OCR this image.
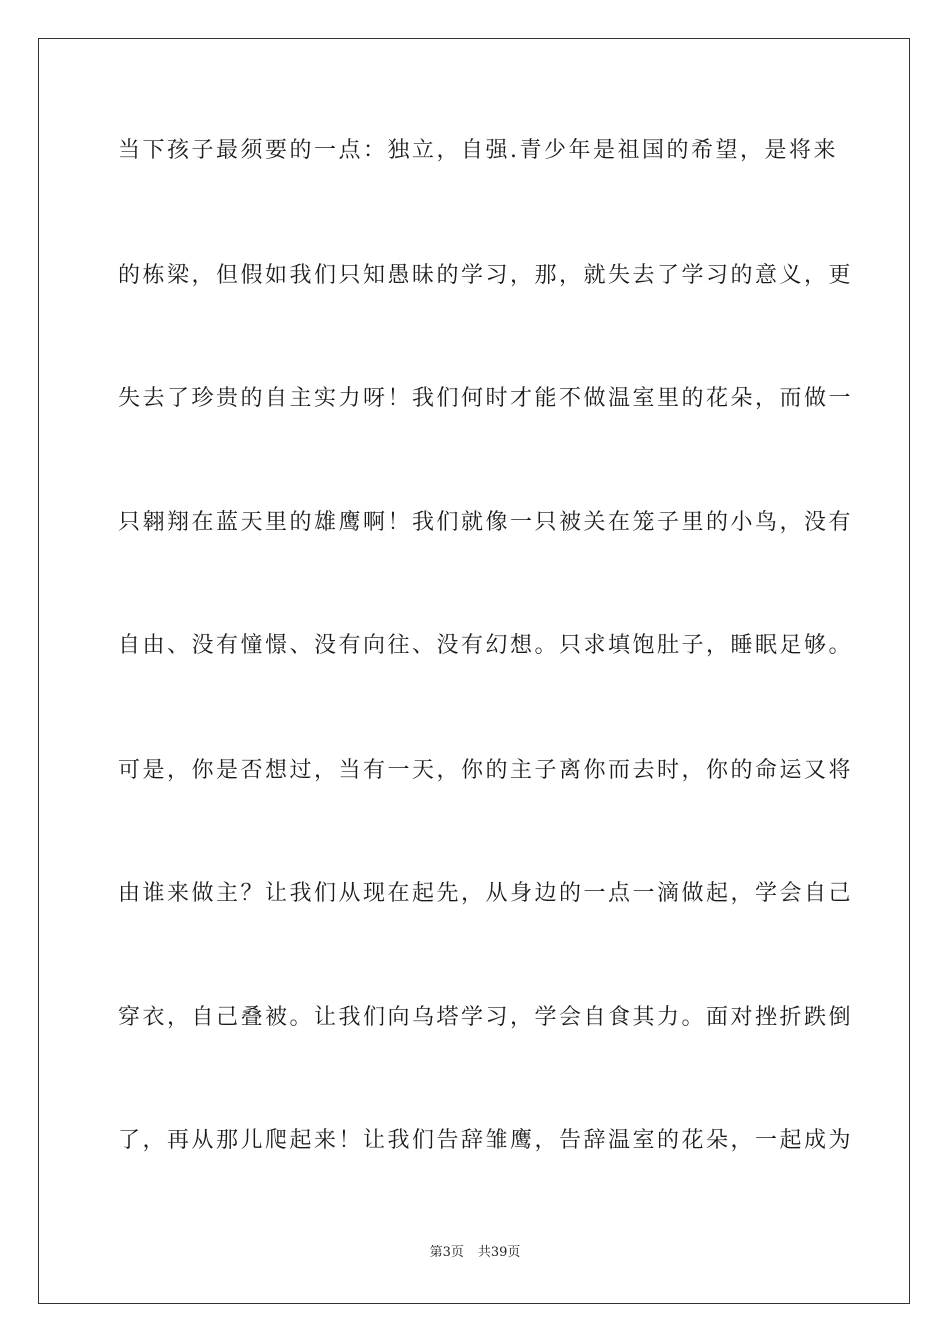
当下孩子最须要的一点：独立，自强.青少年是祖国的希望，是将来
的栋梁，但假如我们只知愚昧的学习，那，就失去了学习的意义，更
失去了珍贵的自主实力呀！我们何时才能不做温室里的花朵，而做一
只翱翔在蓝天里的雄鹰啊！我们就像一只被关在笼子里的小鸟，没有
自由、没有憧憬、没有向往、没有幻想。只求填饱肚子，睡眠足够。
可是，你是否想过，当有一天，你的主子离你而去时，你的命运又将
由谁来做主？让我们从现在起先，从身边的一点一滴做起，学会自己
穿衣，自己叠被。让我们向乌塔学习，学会自食其力。面对挫折跌倒
了，再从那儿爬起来！让我们告辞雏鹰，告辞温室的花朵，一起成为
第3页 共39页
